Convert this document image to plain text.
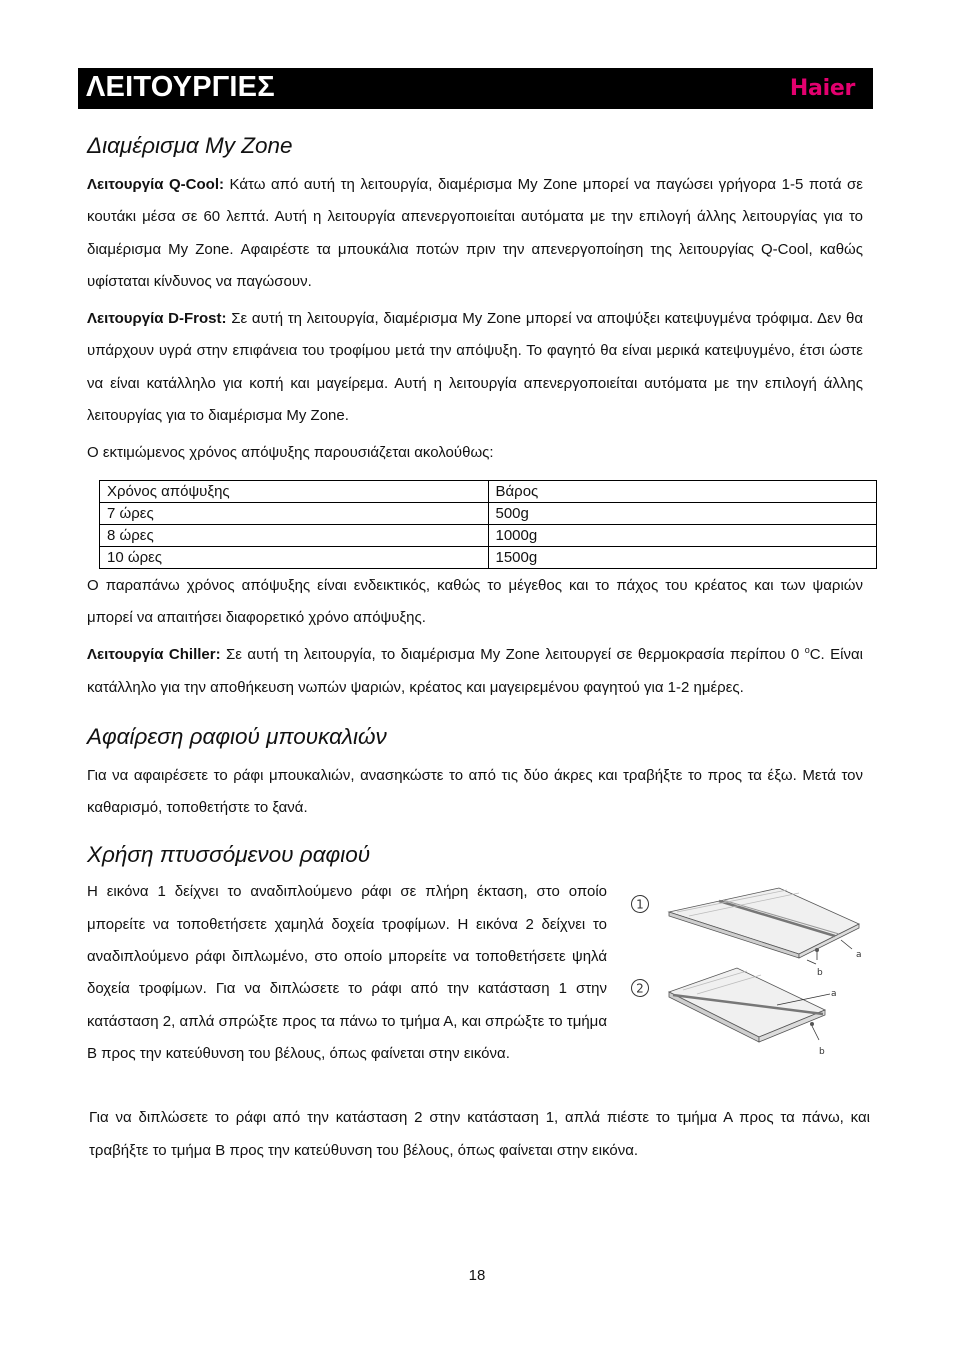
ΛΕΙΤΟΥΡΓΙΕΣ	Haier
Διαμέρισμα My Zone

Λειτουργία Q-Cool: Κάτω από αυτή τη λειτουργία, διαμέρισμα My Zone μπορεί να παγώσει γρήγορα 1-5 ποτά σε κουτάκι μέσα σε 60 λεπτά. Αυτή η λειτουργία απενεργοποιείται αυτόματα με την επιλογή άλλης λειτουργίας για το διαμέρισμα My Zone. Αφαιρέστε τα μπουκάλια ποτών πριν την απενεργοποίηση της λειτουργίας Q-Cool, καθώς υφίσταται κίνδυνος να παγώσουν.

Λειτουργία D-Frost: Σε αυτή τη λειτουργία, διαμέρισμα My Zone μπορεί να αποψύξει κατεψυγμένα τρόφιμα. Δεν θα υπάρχουν υγρά στην επιφάνεια του τροφίμου μετά την απόψυξη. Το φαγητό θα είναι μερικά κατεψυγμένο, έτσι ώστε να είναι κατάλληλο για κοπή και μαγείρεμα. Αυτή η λειτουργία απενεργοποιείται αυτόματα με την επιλογή άλλης λειτουργίας για το διαμέρισμα My Zone.

Ο εκτιμώμενος χρόνος απόψυξης παρουσιάζεται ακολούθως:

Χρόνος απόψυξης	Βάρος
7 ώρες	500g
8 ώρες	1000g
10 ώρες	1500g

Ο παραπάνω χρόνος απόψυξης είναι ενδεικτικός, καθώς το μέγεθος και το πάχος του κρέατος και των ψαριών μπορεί να απαιτήσει διαφορετικό χρόνο απόψυξης.

Λειτουργία Chiller: Σε αυτή τη λειτουργία, το διαμέρισμα My Zone λειτουργεί σε θερμοκρασία περίπου 0 $^o$C. Είναι κατάλληλο για την αποθήκευση νωπών ψαριών, κρέατος και μαγειρεμένου φαγητού για 1-2 ημέρες.

Αφαίρεση ραφιού μπουκαλιών

Για να αφαιρέσετε το ράφι μπουκαλιών, ανασηκώστε το από τις δύο άκρες και τραβήξτε το προς τα έξω. Μετά τον καθαρισμό, τοποθετήστε το ξανά.

Χρήση πτυσσόμενου ραφιού

Η εικόνα 1 δείχνει το αναδιπλούμενο ράφι σε πλήρη έκταση, στο οποίο μπορείτε να τοποθετήσετε χαμηλά δοχεία τροφίμων. Η εικόνα 2 δείχνει το αναδιπλούμενο ράφι διπλωμένο, στο οποίο μπορείτε να τοποθετήσετε ψηλά δοχεία τροφίμων. Για να διπλώσετε το ράφι από την κατάσταση 1 στην κατάσταση 2, απλά σπρώξτε προς τα πάνω το τμήμα Α, και σπρώξτε το τμήμα Β προς την κατεύθυνση του βέλους, όπως φαίνεται στην εικόνα.

1
a
b
2	a
b

Για να διπλώσετε το ράφι από την κατάσταση 2 στην κατάσταση 1, απλά πιέστε το τμήμα Α προς τα πάνω, και τραβήξτε το τμήμα Β προς την κατεύθυνση του βέλους, όπως φαίνεται στην εικόνα.

18
